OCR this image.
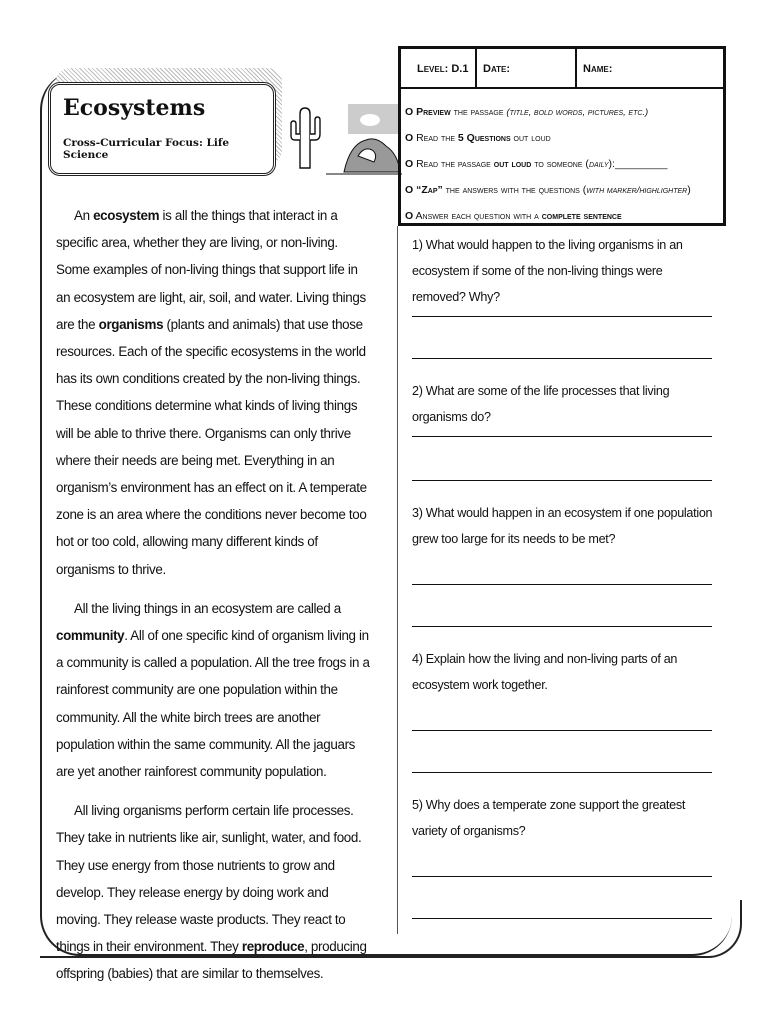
Ecosystems
Cross-Curricular Focus: Life Science

An ecosystem is all the things that interact in a specific area, whether they are living, or non-living. Some examples of non-living things that support life in an ecosystem are light, air, soil, and water. Living things are the organisms (plants and animals) that use those resources. Each of the specific ecosystems in the world has its own conditions created by the non-living things. These conditions determine what kinds of living things will be able to thrive there. Organisms can only thrive where their needs are being met. Everything in an organism’s environment has an effect on it. A temperate zone is an area where the conditions never become too hot or too cold, allowing many different kinds of organisms to thrive.

All the living things in an ecosystem are called a community. All of one specific kind of organism living in a community is called a population. All the tree frogs in a rainforest community are one population within the community. All the white birch trees are another population within the same community. All the jaguars are yet another rainforest community population.

All living organisms perform certain life processes. They take in nutrients like air, sunlight, water, and food. They use energy from those nutrients to grow and develop. They release energy by doing work and moving. They release waste products. They react to things in their environment. They reproduce, producing offspring (babies) that are similar to themselves.

Level: D.1	Date:	Name:
O Preview the passage (title, bold words, pictures, etc.)
O Read the 5 Questions out loud
O Read the passage out loud to someone (daily):_________
O “Zap” the answers with the questions (with marker/highlighter)
O Answer each question with a complete sentence
1) What would happen to the living organisms in an ecosystem if some of the non-living things were removed? Why?
2) What are some of the life processes that living organisms do?
3) What would happen in an ecosystem if one population grew too large for its needs to be met?
4) Explain how the living and non-living parts of an ecosystem work together.
5) Why does a temperate zone support the greatest variety of organisms?
